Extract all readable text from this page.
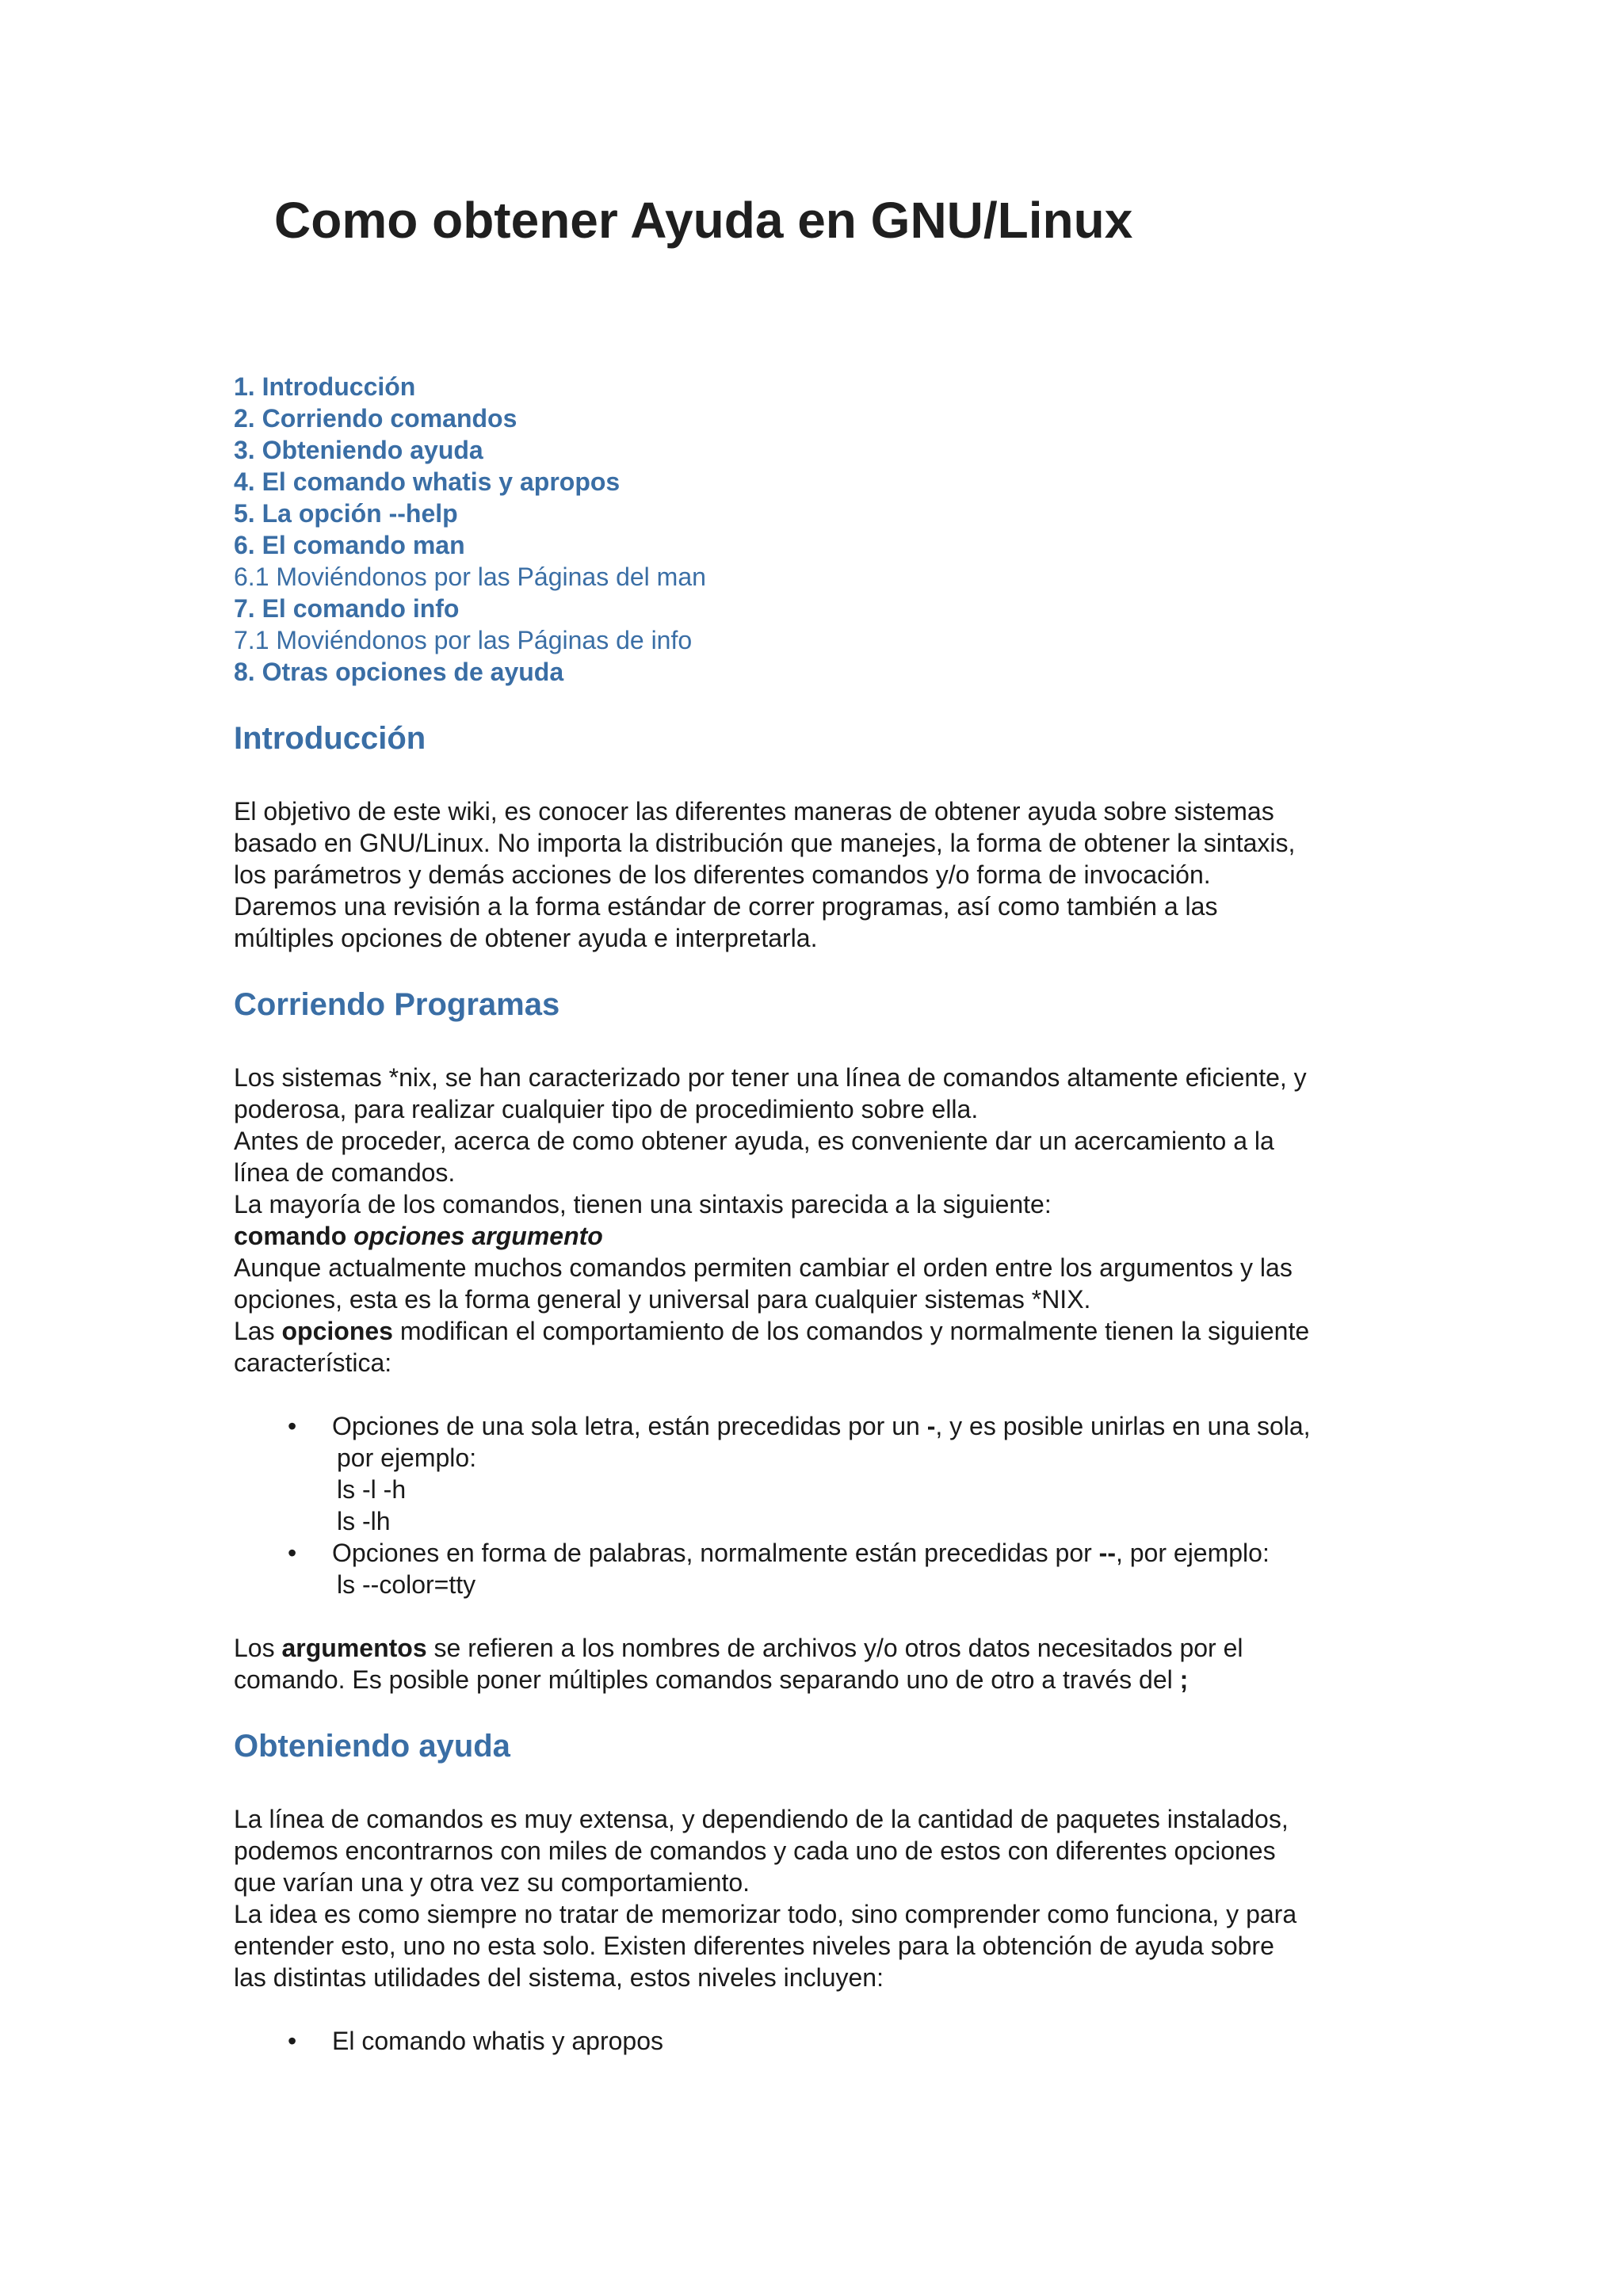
Como obtener Ayuda en GNU/Linux
1. Introducción
2. Corriendo comandos
3. Obteniendo ayuda
4. El comando whatis y apropos
5. La opción --help
6. El comando man
6.1 Moviéndonos por las Páginas del man
7. El comando info
7.1 Moviéndonos por las Páginas de info
8. Otras opciones de ayuda
Introducción

El objetivo de este wiki, es conocer las diferentes maneras de obtener ayuda sobre sistemas

basado en GNU/Linux. No importa la distribución que manejes, la forma de obtener la sintaxis,

los parámetros y demás acciones de los diferentes comandos y/o forma de invocación.

Daremos una revisión a la forma estándar de correr programas, así como también a las

múltiples opciones de obtener ayuda e interpretarla.

Corriendo Programas

Los sistemas *nix, se han caracterizado por tener una línea de comandos altamente eficiente, y

poderosa, para realizar cualquier tipo de procedimiento sobre ella.

Antes de proceder, acerca de como obtener ayuda, es conveniente dar un acercamiento a la

línea de comandos.

La mayoría de los comandos, tienen una sintaxis parecida a la siguiente:

comando opciones argumento

Aunque actualmente muchos comandos permiten cambiar el orden entre los argumentos y las

opciones, esta es la forma general y universal para cualquier sistemas *NIX.

Las opciones modifican el comportamiento de los comandos y normalmente tienen la siguiente

característica:

• Opciones de una sola letra, están precedidas por un -, y es posible unirlas en una sola,
por ejemplo:
ls -l -h
ls -lh
• Opciones en forma de palabras, normalmente están precedidas por --, por ejemplo:
ls --color=tty

Los argumentos se refieren a los nombres de archivos y/o otros datos necesitados por el

comando. Es posible poner múltiples comandos separando uno de otro a través del ;

Obteniendo ayuda

La línea de comandos es muy extensa, y dependiendo de la cantidad de paquetes instalados,

podemos encontrarnos con miles de comandos y cada uno de estos con diferentes opciones

que varían una y otra vez su comportamiento.

La idea es como siempre no tratar de memorizar todo, sino comprender como funciona, y para

entender esto, uno no esta solo. Existen diferentes niveles para la obtención de ayuda sobre

las distintas utilidades del sistema, estos niveles incluyen:

• El comando whatis y apropos
